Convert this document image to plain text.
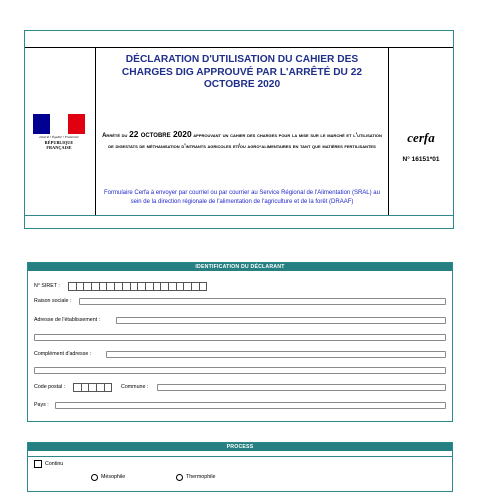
Liberté • Égalité • Fraternité
RÉPUBLIQUE FRANÇAISE
DÉCLARATION D'UTILISATION DU CAHIER DES CHARGES DIG APPROUVÉ PAR L'ARRÊTÉ DU 22 OCTOBRE 2020
Arrêté du 22 octobre 2020 approuvant un cahier des charges pour la mise sur le marché et l'utilisation de digestats de méthanisation d'intrants agricoles et/ou agro-alimentaires en tant que matières fertilisantes
Formulaire Cerfa à envoyer par courriel ou par courrier au Service Régional de l'Alimentation (SRAL) au sein de la direction régionale de l'alimentation de l'agriculture et de la forêt (DRAAF)
cerfa
N° 16151*01
IDENTIFICATION DU DÉCLARANT
N° SIRET :
Raison sociale :
Adresse de l'établissement :
Complément d'adresse :
Code postal :	Commune :
Pays :
PROCESS
Continu
Mésophile	Thermophile
